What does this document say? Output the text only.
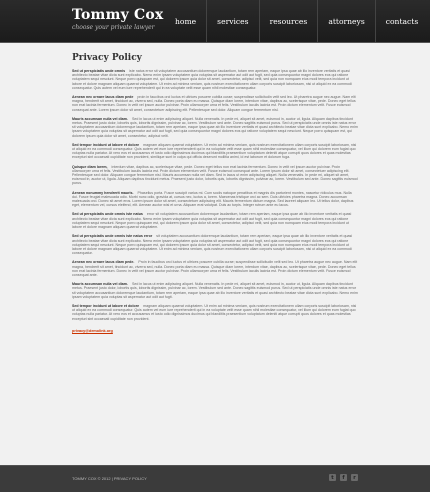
Tommy Cox
choose your private lawyer
home	services	resources	attorneys	contacts
Privacy Policy

Sed ut perspiciatis unde omnis iste natus error sit voluptatem accusantium doloremque laudantium, totam rem aperiam, eaque ipsa quae ab illo inventore veritatis et quasi architecto beatae vitae dicta sunt explicabo. Nemo enim ipsam voluptatem quia voluptas sit aspernatur aut odit aut fugit, sed quia consequuntur magni dolores eos qui ratione voluptatem sequi nesciunt. Neque porro quisquam est, qui dolorem ipsum quia dolor sit amet, consectetur, adipisci velit, sed quia non numquam eius modi tempora incidunt ut labore et dolore magnam aliquam quaerat voluptatem. Ut enim ad minima veniam, quis nostrum exercitationem ullam corporis suscipit laboriosam, nisi ut aliquid ex ea commodi consequatur. Quis autem vel eum iure reprehenderit qui in ea voluptate velit esse quam nihil molestiae consequatur.

Aenean nec ornare lacus diam pede proin in faucibus orci luctus et ultrices posuere cubilia curae; suspendisse sollicitudin velit sed leo. Ut pharetra augue nec augue. Nam elit magna, hendrerit sit amet, tincidunt ac, viverra sed, nulla. Donec porta diam eu massa. Quisque diam lorem, interdum vitae, dapibus ac, scelerisque vitae, pede. Donec eget tellus non erat lacinia fermentum. Donec in velit vel ipsum auctor pulvinar. Proin ullamcorper urna et felis. Vestibulum iaculis lacinia est. Proin dictum elementum velit. Fusce euismod consequat ante. Lorem ipsum dolor sit amet, consectetuer adipiscing elit. Pellentesque sed dolor. Aliquam congue fermentum nisl.

Mauris accumsan nulla vel diam. Sed in lacus ut enim adipiscing aliquet. Nulla venenatis. In pede mi, aliquet sit amet, euismod in, auctor ut, ligula. Aliquam dapibus tincidunt metus. Praesent justo dolor, lobortis quis, lobortis dignissim, pulvinar ac, lorem. Vestibulum sed ante. Donec sagittis euismod purus. Sed ut perspiciatis unde omnis iste natus error sit voluptatem accusantium doloremque laudantium, totam rem aperiam, eaque ipsa quae ab illo inventore veritatis et quasi architecto beatae vitae dicta sunt explicabo. Nemo enim ipsam voluptatem quia voluptas sit aspernatur aut odit aut fugit, sed quia consequuntur magni dolores eos qui ratione voluptatem sequi nesciunt. Neque porro quisquam est, qui dolorem ipsum quia dolor sit amet, consectetur, adipisci velit.

Sed tempor incidunt ut labore et dolore magnam aliquam quaerat voluptatem. Ut enim ad minima veniam, quis nostrum exercitationem ullam corporis suscipit laboriosam, nisi ut aliquid ex ea commodi consequatur. Quis autem vel eum iure reprehenderit qui in ea voluptate velit esse quam nihil molestiae consequatur, vel illum qui dolorem eum fugiat quo voluptas nulla pariatur. At vero eos et accusamus et iusto odio dignissimos ducimus qui blanditiis praesentium voluptatum deleniti atque corrupti quos dolores et quas molestias excepturi sint occaecati cupiditate non provident, similique sunt in culpa qui officia deserunt mollitia animi, id est laborum et dolorum fuga.

Quisque diam lorem, interdum vitae, dapibus ac, scelerisque vitae, pede. Donec eget tellus non erat lacinia fermentum. Donec in velit vel ipsum auctor pulvinar. Proin ullamcorper urna et felis. Vestibulum iaculis lacinia est. Proin dictum elementum velit. Fusce euismod consequat ante. Lorem ipsum dolor sit amet, consectetuer adipiscing elit. Pellentesque sed dolor. Aliquam congue fermentum nisl. Mauris accumsan nulla vel diam. Sed in lacus ut enim adipiscing aliquet. Nulla venenatis. In pede mi, aliquet sit amet, euismod in, auctor ut, ligula. Aliquam dapibus tincidunt metus. Praesent justo dolor, lobortis quis, lobortis dignissim, pulvinar ac, lorem. Vestibulum sed ante. Donec sagittis euismod purus.

Aenean nonummy hendrerit mauris. Phasellus porta. Fusce suscipit varius mi. Cum sociis natoque penatibus et magnis dis parturient montes, nascetur ridiculus mus. Nulla dui. Fusce feugiat malesuada odio. Morbi nunc odio, gravida at, cursus nec, luctus a, lorem. Maecenas tristique orci ac sem. Duis ultricies pharetra magna. Donec accumsan malesuada orci. Donec sit amet eros. Lorem ipsum dolor sit amet, consectetuer adipiscing elit. Mauris fermentum dictum magna. Sed laoreet aliquam leo. Ut tellus dolor, dapibus eget, elementum vel, cursus eleifend, elit. Aenean auctor wisi et urna. Aliquam erat volutpat. Duis ac turpis. Integer rutrum ante eu lacus.

Sed ut perspiciatis unde omnis iste natus error sit voluptatem accusantium doloremque laudantium, totam rem aperiam, eaque ipsa quae ab illo inventore veritatis et quasi architecto beatae vitae dicta sunt explicabo. Nemo enim ipsam voluptatem quia voluptas sit aspernatur aut odit aut fugit, sed quia consequuntur magni dolores eos qui ratione voluptatem sequi nesciunt. Neque porro quisquam est, qui dolorem ipsum quia dolor sit amet, consectetur, adipisci velit, sed quia non numquam eius modi tempora incidunt ut labore et dolore magnam aliquam quaerat voluptatem.

Sed ut perspiciatis unde omnis iste natus error sit voluptatem accusantium doloremque laudantium, totam rem aperiam, eaque ipsa quae ab illo inventore veritatis et quasi architecto beatae vitae dicta sunt explicabo. Nemo enim ipsam voluptatem quia voluptas sit aspernatur aut odit aut fugit, sed quia consequuntur magni dolores eos qui ratione voluptatem sequi nesciunt. Neque porro quisquam est, qui dolorem ipsum quia dolor sit amet, consectetur, adipisci velit, sed quia non numquam eius modi tempora incidunt ut labore et dolore magnam aliquam quaerat voluptatem. Ut enim ad minima veniam, quis nostrum exercitationem ullam corporis suscipit laboriosam, nisi ut aliquid ex ea commodi consequatur.

Aenean nec ornare lacus diam pede. Proin in faucibus orci luctus et ultrices posuere cubilia curae; suspendisse sollicitudin velit sed leo. Ut pharetra augue nec augue. Nam elit magna, hendrerit sit amet, tincidunt ac, viverra sed, nulla. Donec porta diam eu massa. Quisque diam lorem, interdum vitae, dapibus ac, scelerisque vitae, pede. Donec eget tellus non erat lacinia fermentum. Donec in velit vel ipsum auctor pulvinar. Proin ullamcorper urna et felis. Vestibulum iaculis lacinia est. Proin dictum elementum velit. Fusce euismod consequat ante.

Mauris accumsan nulla vel diam. Sed in lacus ut enim adipiscing aliquet. Nulla venenatis. In pede mi, aliquet sit amet, euismod in, auctor ut, ligula. Aliquam dapibus tincidunt metus. Praesent justo dolor, lobortis quis, lobortis dignissim, pulvinar ac, lorem. Vestibulum sed ante. Donec sagittis euismod purus. Sed ut perspiciatis unde omnis iste natus error sit voluptatem accusantium doloremque laudantium, totam rem aperiam, eaque ipsa quae ab illo inventore veritatis et quasi architecto beatae vitae dicta sunt explicabo. Nemo enim ipsam voluptatem quia voluptas sit aspernatur aut odit aut fugit.

Sed tempor incidunt ut labore et dolore magnam aliquam quaerat voluptatem. Ut enim ad minima veniam, quis nostrum exercitationem ullam corporis suscipit laboriosam, nisi ut aliquid ex ea commodi consequatur. Quis autem vel eum iure reprehenderit qui in ea voluptate velit esse quam nihil molestiae consequatur, vel illum qui dolorem eum fugiat quo voluptas nulla pariatur. At vero eos et accusamus et iusto odio dignissimos ducimus qui blanditiis praesentium voluptatum deleniti atque corrupti quos dolores et quas molestias excepturi sint occaecati cupiditate non provident.

privacy@demolink.org
TOMMY COX © 2012 | PRIVACY POLICY	t	f	r
